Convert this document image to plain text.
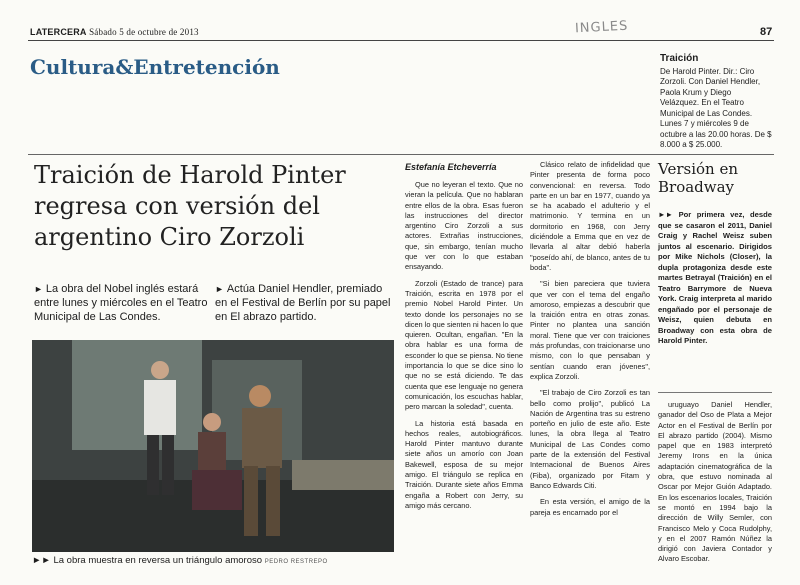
LATERCERA Sábado 5 de octubre de 2013	INGLES	87
Cultura&Entretención	Traición
De Harold Pinter. Dir.: Ciro Zorzoli. Con Daniel Hendler, Paola Krum y Diego Velázquez. En el Teatro Municipal de Las Condes. Lunes 7 y miércoles 9 de octubre a las 20.00 horas. De $ 8.000 a $ 25.000.
Traición de Harold Pinter regresa con versión del argentino Ciro Zorzoli
► La obra del Nobel inglés estará entre lunes y miércoles en el Teatro Municipal de Las Condes.
► Actúa Daniel Hendler, premiado en el Festival de Berlín por su papel en El abrazo partido.
►► La obra muestra en reversa un triángulo amoroso PEDRO RESTREPO
Estefanía Etcheverría

Que no leyeran el texto. Que no vieran la película. Que no hablaran entre ellos de la obra. Esas fueron las instrucciones del director argentino Ciro Zorzoli a sus actores. Extrañas instrucciones, que, sin embargo, tenían mucho que ver con lo que estaban ensayando.

Zorzoli (Estado de trance) para Traición, escrita en 1978 por el premio Nobel Harold Pinter. Un texto donde los personajes no se dicen lo que sienten ni hacen lo que quieren. Ocultan, engañan. "En la obra hablar es una forma de esconder lo que se piensa. No tiene importancia lo que se dice sino lo que no se está diciendo. Te das cuenta que ese lenguaje no genera comunicación, los escuchas hablar, pero marcan la soledad", cuenta.

La historia está basada en hechos reales, autobiográficos. Harold Pinter mantuvo durante siete años un amorío con Joan Bakewell, esposa de su mejor amigo. El triángulo se replica en Traición. Durante siete años Emma engaña a Robert con Jerry, su amigo más cercano.

Clásico relato de infidelidad que Pinter presenta de forma poco convencional: en reversa. Todo parte en un bar en 1977, cuando ya se ha acabado el adulterio y el matrimonio. Y termina en un dormitorio en 1968, con Jerry diciéndole a Emma que en vez de llevarla al altar debió haberla "poseído ahí, de blanco, antes de tu boda".

"Si bien pareciera que tuviera que ver con el tema del engaño amoroso, empiezas a descubrir que la traición entra en otras zonas. Pinter no plantea una sanción moral. Tiene que ver con traiciones más profundas, con traicionarse uno mismo, con lo que pensaban y sentían cuando eran jóvenes", explica Zorzoli.

"El trabajo de Ciro Zorzoli es tan bello como prolijo", publicó La Nación de Argentina tras su estreno porteño en julio de este año. Este lunes, la obra llega al Teatro Municipal de Las Condes como parte de la extensión del Festival Internacional de Buenos Aires (Fiba), organizado por Fitam y Banco Edwards Citi.

En esta versión, el amigo de la pareja es encarnado por el

Versión en Broadway
►► Por primera vez, desde que se casaron el 2011, Daniel Craig y Rachel Weisz suben juntos al escenario. Dirigidos por Mike Nichols (Closer), la dupla protagoniza desde este martes Betrayal (Traición) en el Teatro Barrymore de Nueva York. Craig interpreta al marido engañado por el personaje de Weisz, quien debuta en Broadway con esta obra de Harold Pinter.

uruguayo Daniel Hendler, ganador del Oso de Plata a Mejor Actor en el Festival de Berlín por El abrazo partido (2004). Mismo papel que en 1983 interpretó Jeremy Irons en la única adaptación cinematográfica de la obra, que estuvo nominada al Oscar por Mejor Guión Adaptado. En los escenarios locales, Traición se montó en 1994 bajo la dirección de Willy Semler, con Francisco Melo y Coca Rudolphy, y en el 2007 Ramón Núñez la dirigió con Javiera Contador y Alvaro Escobar.
